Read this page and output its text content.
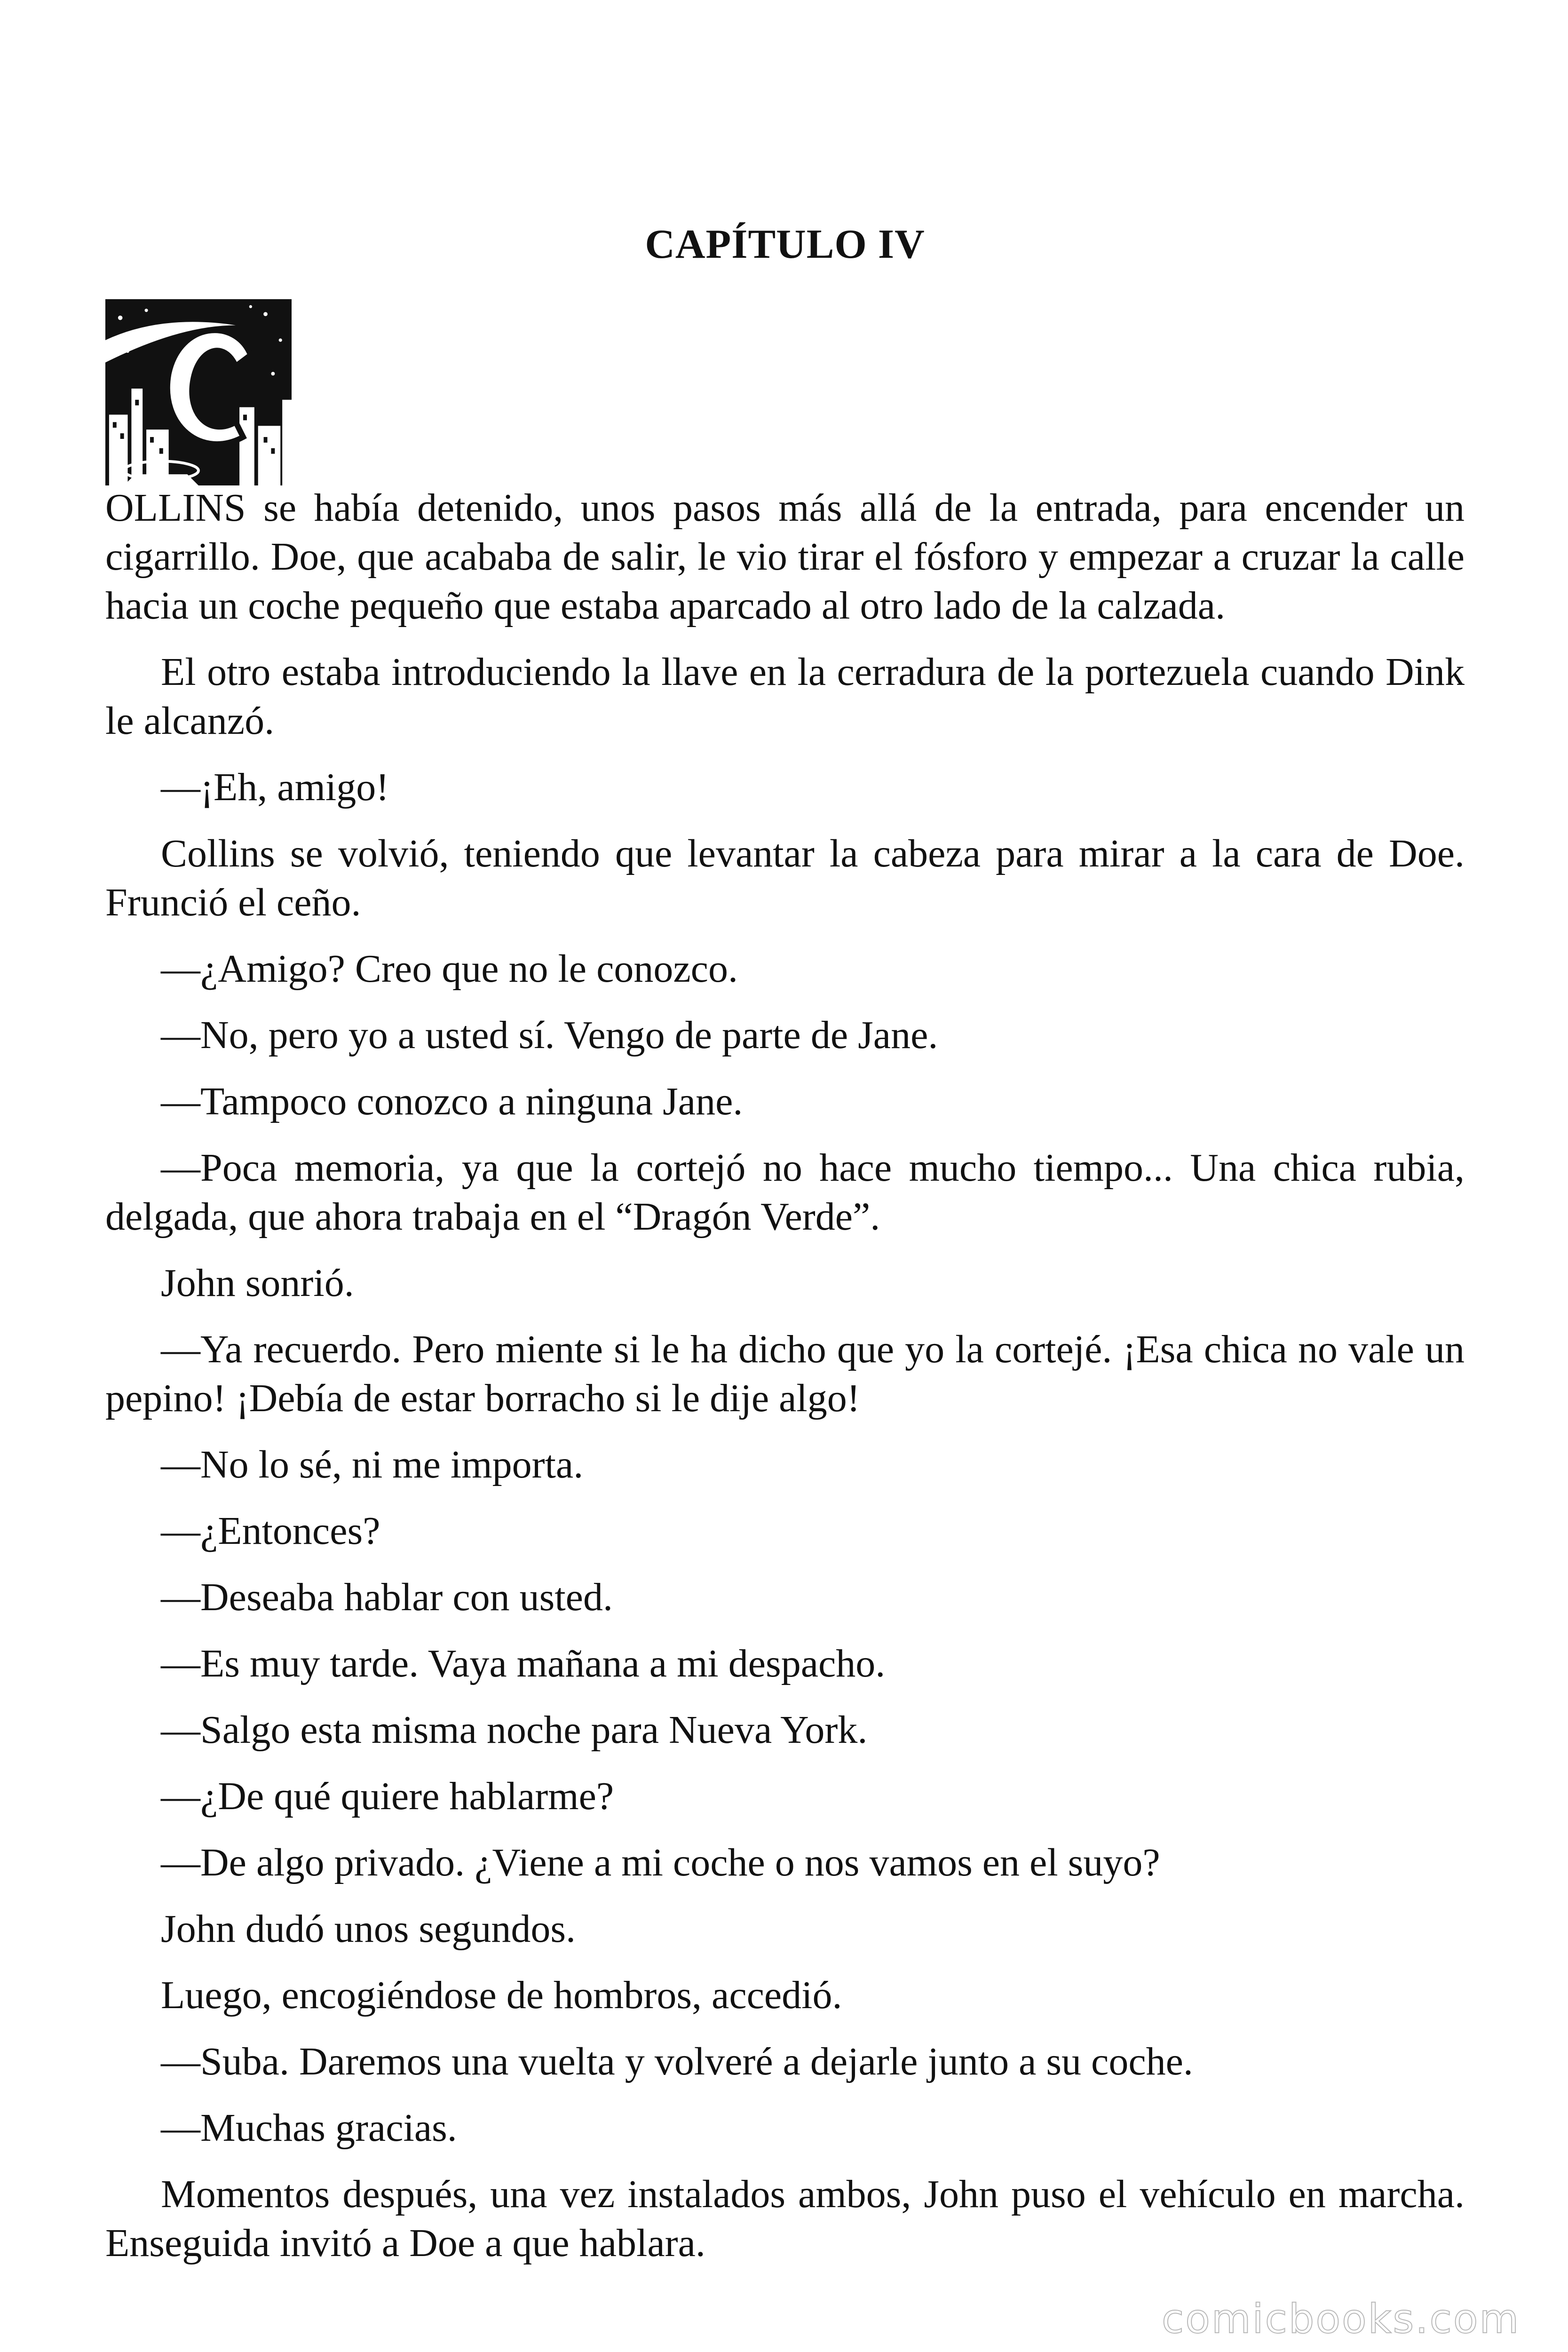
CAPÍTULO IV

OLLINS se había detenido, unos pasos más allá de la entrada, para encender un cigarrillo. Doe, que acababa de salir, le vio tirar el fósforo y empezar a cruzar la calle hacia un coche pequeño que estaba aparcado al otro lado de la calzada.

El otro estaba introduciendo la llave en la cerradura de la portezuela cuando Dink le alcanzó.

—¡Eh, amigo!

Collins se volvió, teniendo que levantar la cabeza para mirar a la cara de Doe. Frunció el ceño.

—¿Amigo? Creo que no le conozco.

—No, pero yo a usted sí. Vengo de parte de Jane.

—Tampoco conozco a ninguna Jane.

—Poca memoria, ya que la cortejó no hace mucho tiempo... Una chica rubia, delgada, que ahora trabaja en el “Dragón Verde”.

John sonrió.

—Ya recuerdo. Pero miente si le ha dicho que yo la cortejé. ¡Esa chica no vale un pepino! ¡Debía de estar borracho si le dije algo!

—No lo sé, ni me importa.

—¿Entonces?

—Deseaba hablar con usted.

—Es muy tarde. Vaya mañana a mi despacho.

—Salgo esta misma noche para Nueva York.

—¿De qué quiere hablarme?

—De algo privado. ¿Viene a mi coche o nos vamos en el suyo?

John dudó unos segundos.

Luego, encogiéndose de hombros, accedió.

—Suba. Daremos una vuelta y volveré a dejarle junto a su coche.

—Muchas gracias.

Momentos después, una vez instalados ambos, John puso el vehículo en marcha. Enseguida invitó a Doe a que hablara.

comicbooks.com
